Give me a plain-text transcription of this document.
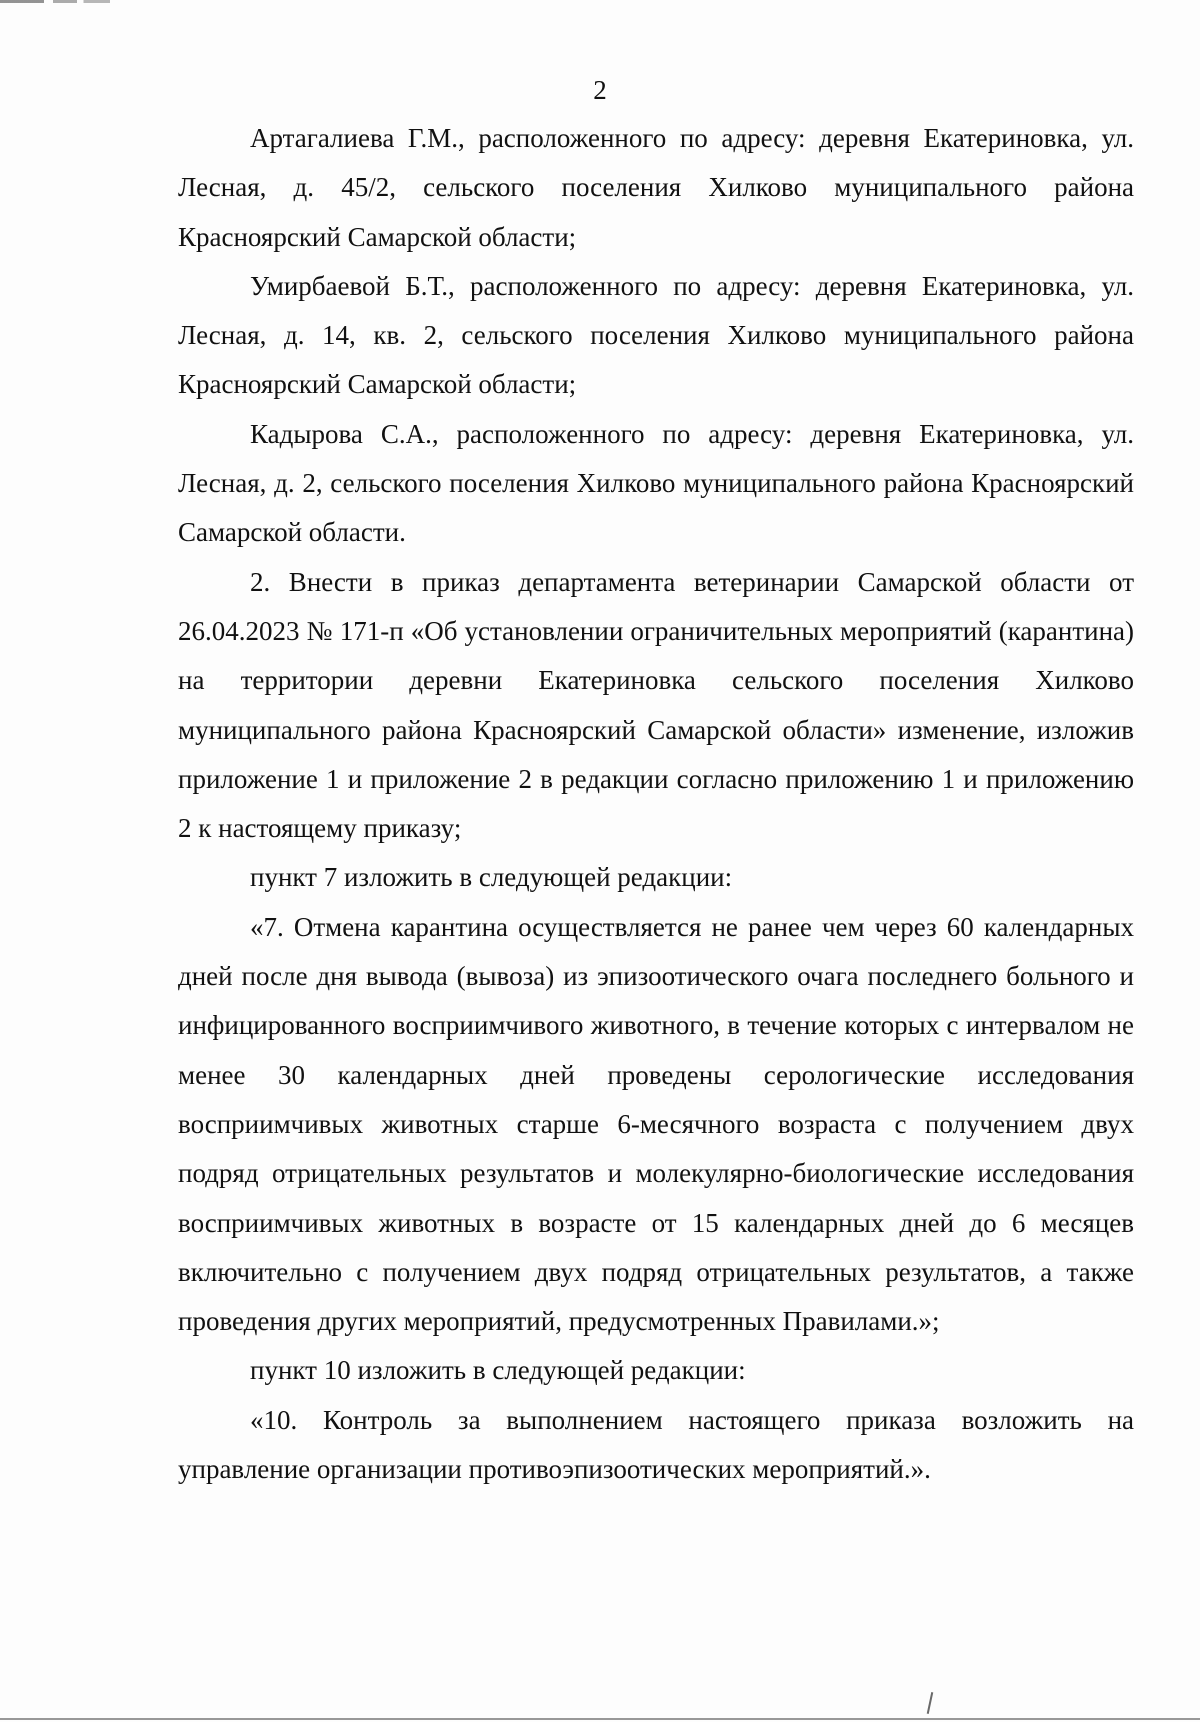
2

Артагалиева Г.М., расположенного по адресу: деревня Екатериновка, ул. Лесная, д. 45/2, сельского поселения Хилково муниципального района Красноярский Самарской области;

Умирбаевой Б.Т., расположенного по адресу: деревня Екатериновка, ул. Лесная, д. 14, кв. 2, сельского поселения Хилково муниципального района Красноярский Самарской области;

Кадырова С.А., расположенного по адресу: деревня Екатериновка, ул. Лесная, д. 2, сельского поселения Хилково муниципального района Красноярский Самарской области.

2. Внести в приказ департамента ветеринарии Самарской области от 26.04.2023 № 171-п «Об установлении ограничительных мероприятий (карантина) на территории деревни Екатериновка сельского поселения Хилково муниципального района Красноярский Самарской области» изменение, изложив приложение 1 и приложение 2 в редакции согласно приложению 1 и приложению 2 к настоящему приказу;

пункт 7 изложить в следующей редакции:

«7. Отмена карантина осуществляется не ранее чем через 60 календарных дней после дня вывода (вывоза) из эпизоотического очага последнего больного и инфицированного восприимчивого животного, в течение которых с интервалом не менее 30 календарных дней проведены серологические исследования восприимчивых животных старше 6-месячного возраста с получением двух подряд отрицательных результатов и молекулярно-биологические исследования восприимчивых животных в возрасте от 15 календарных дней до 6 месяцев включительно с получением двух подряд отрицательных результатов, а также проведения других мероприятий, предусмотренных Правилами.»;

пункт 10 изложить в следующей редакции:

«10. Контроль за выполнением настоящего приказа возложить на управление организации противоэпизоотических мероприятий.».
